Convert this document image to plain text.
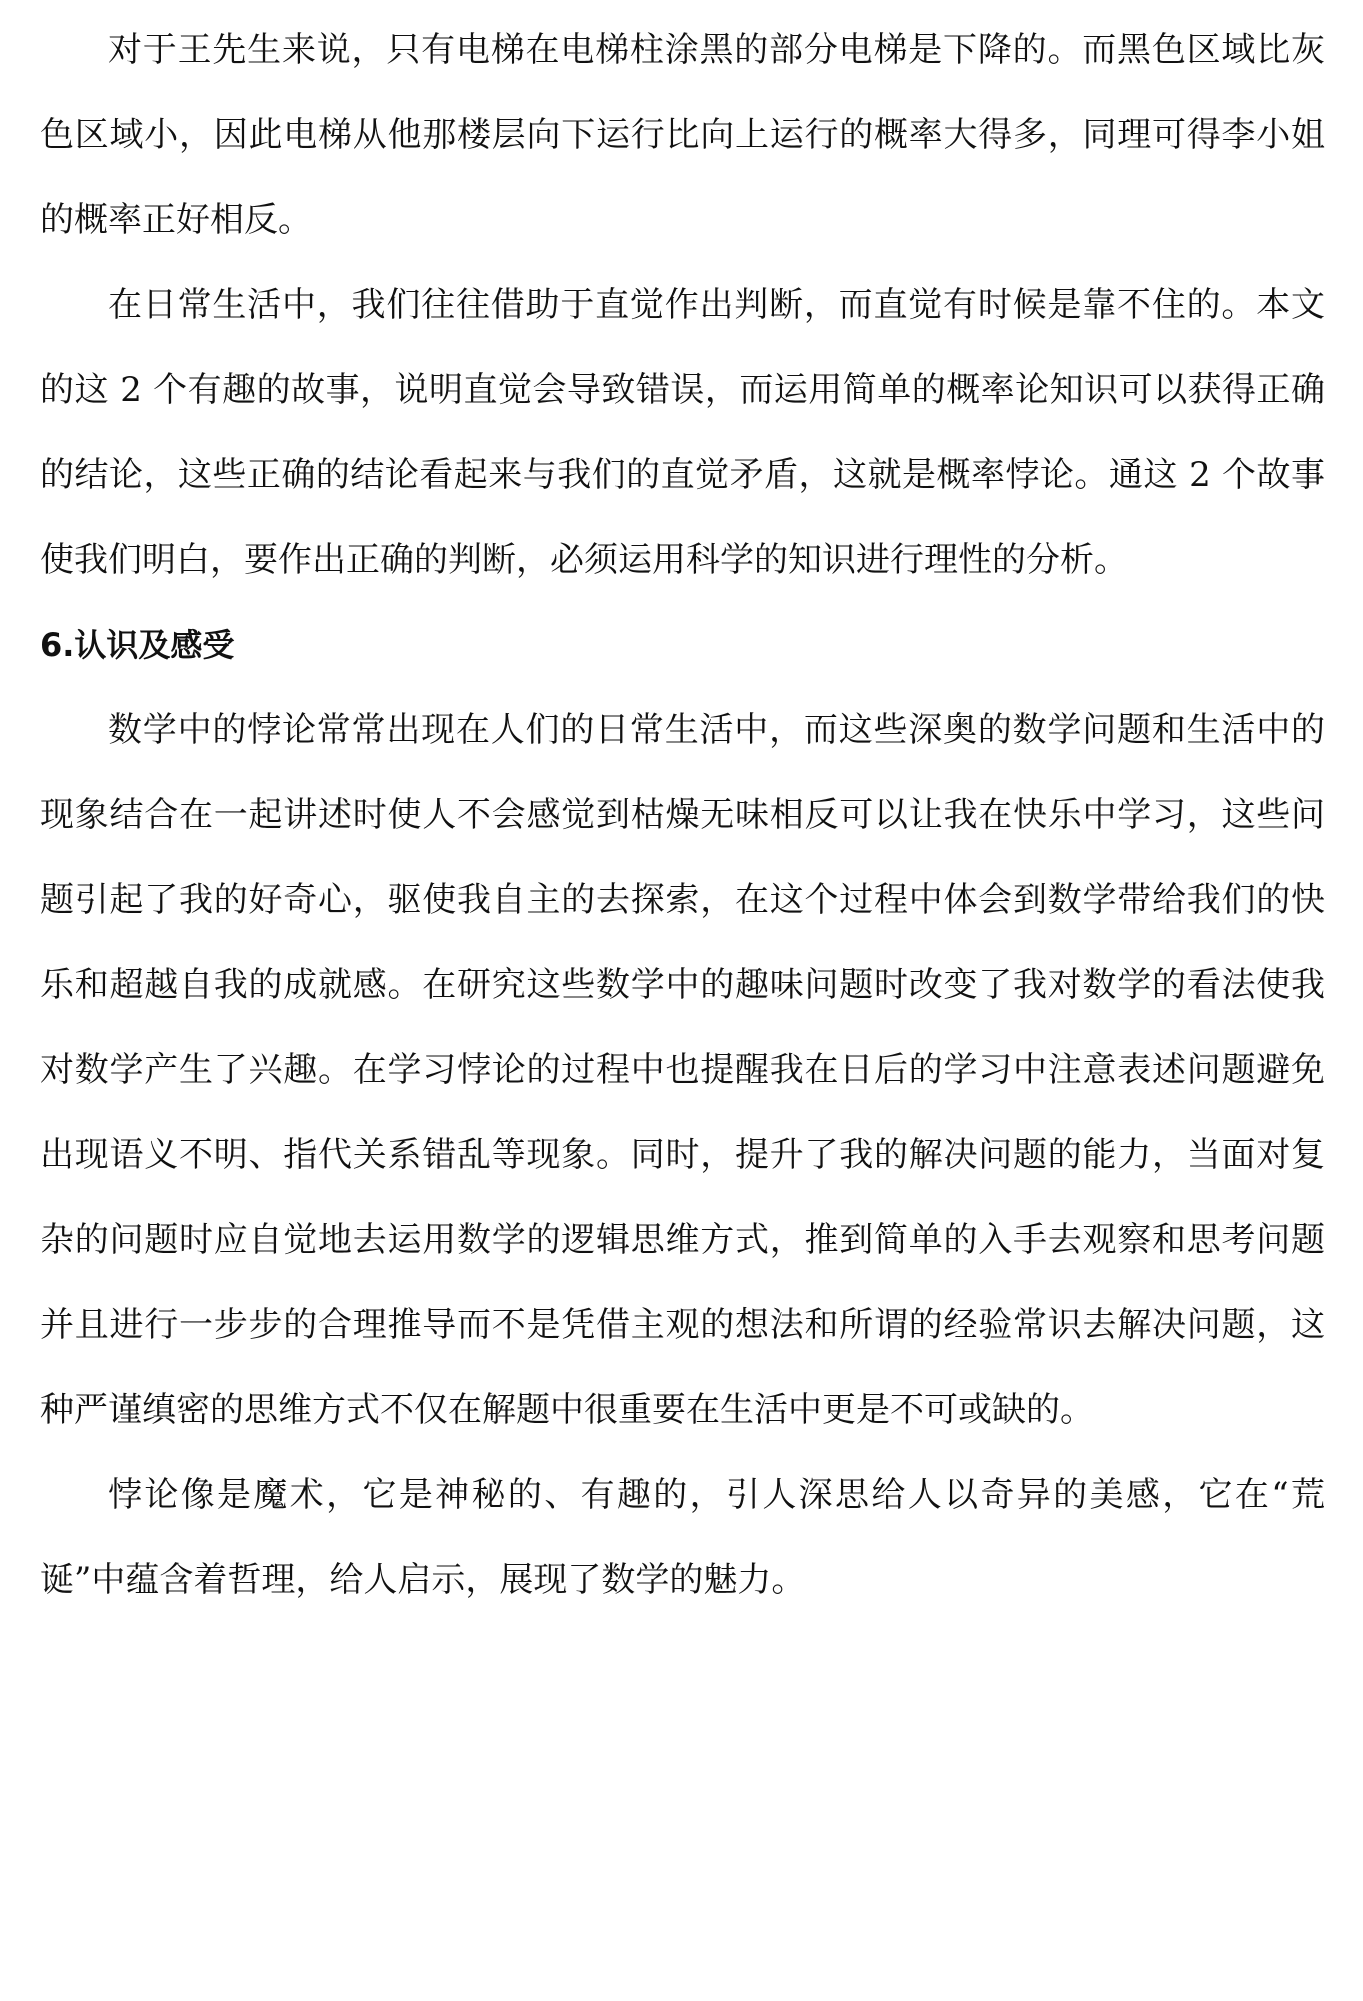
对于王先生来说，只有电梯在电梯柱涂黑的部分电梯是下降的。而黑色区域比灰色区域小，因此电梯从他那楼层向下运行比向上运行的概率大得多，同理可得李小姐的概率正好相反。

在日常生活中，我们往往借助于直觉作出判断，而直觉有时候是靠不住的。本文的这 2 个有趣的故事，说明直觉会导致错误，而运用简单的概率论知识可以获得正确的结论，这些正确的结论看起来与我们的直觉矛盾，这就是概率悖论。通这 2 个故事使我们明白，要作出正确的判断，必须运用科学的知识进行理性的分析。

6.认识及感受

数学中的悖论常常出现在人们的日常生活中，而这些深奥的数学问题和生活中的现象结合在一起讲述时使人不会感觉到枯燥无味相反可以让我在快乐中学习，这些问题引起了我的好奇心，驱使我自主的去探索，在这个过程中体会到数学带给我们的快乐和超越自我的成就感。在研究这些数学中的趣味问题时改变了我对数学的看法使我对数学产生了兴趣。在学习悖论的过程中也提醒我在日后的学习中注意表述问题避免出现语义不明、指代关系错乱等现象。同时，提升了我的解决问题的能力，当面对复杂的问题时应自觉地去运用数学的逻辑思维方式，推到简单的入手去观察和思考问题并且进行一步步的合理推导而不是凭借主观的想法和所谓的经验常识去解决问题，这种严谨缜密的思维方式不仅在解题中很重要在生活中更是不可或缺的。

悖论像是魔术，它是神秘的、有趣的，引人深思给人以奇异的美感，它在“荒诞”中蕴含着哲理，给人启示，展现了数学的魅力。
